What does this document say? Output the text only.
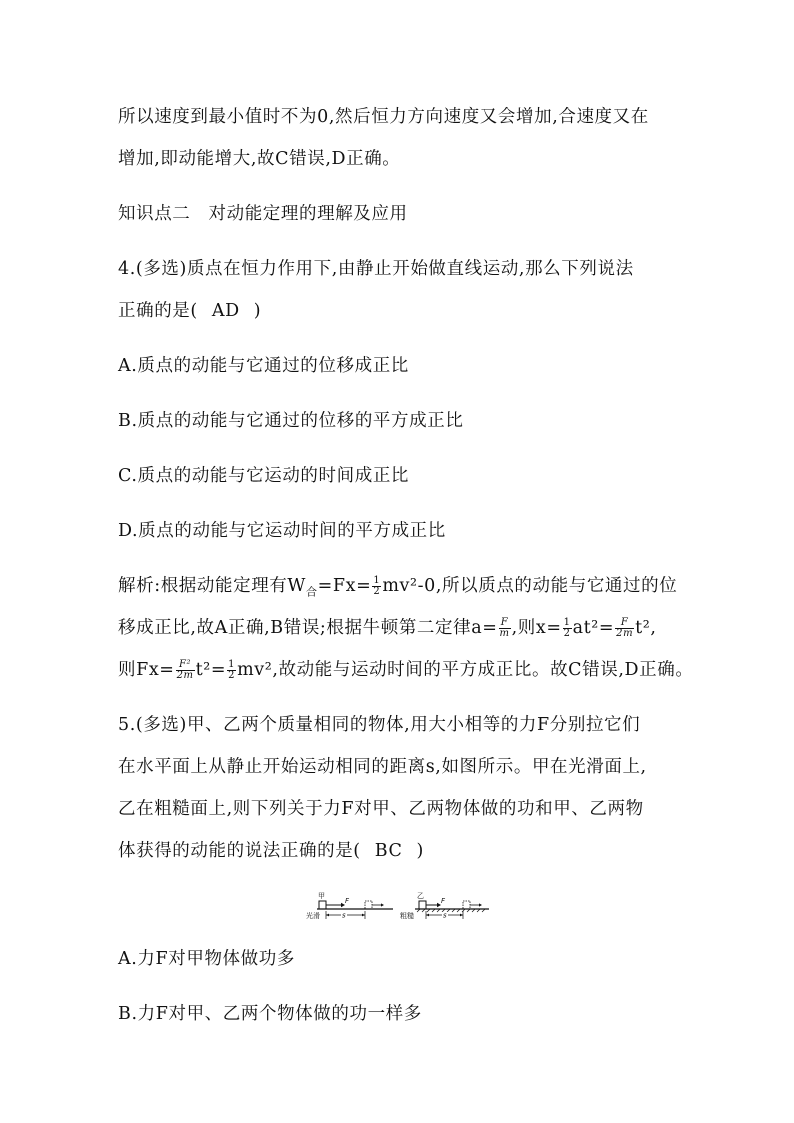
所以速度到最小值时不为0,然后恒力方向速度又会增加,合速度又在
增加,即动能增大,故C错误,D正确。
知识点二　对动能定理的理解及应用
4.(多选)质点在恒力作用下,由静止开始做直线运动,那么下列说法
正确的是( AD )
A.质点的动能与它通过的位移成正比
B.质点的动能与它通过的位移的平方成正比
C.质点的动能与它运动的时间成正比
D.质点的动能与它运动时间的平方成正比
解析:根据动能定理有$W_合=Fx= \frac{1}{2} mv^2-0$,所以质点的动能与它通过的位
移成正比,故A正确,B错误;根据牛顿第二定律$a= \frac{F}{m}$ ,则$x= \frac{1}{2} at^2= \frac{F}{2m} t^2$,
则$Fx= \frac{\text{F²}}{2m} t^2= \frac{1}{2} mv^2$,故动能与运动时间的平方成正比。故C错误,D正确。
5.(多选)甲、乙两个质量相同的物体,用大小相等的力F分别拉它们
在水平面上从静止开始运动相同的距离s,如图所示。甲在光滑面上,
乙在粗糙面上,则下列关于力F对甲、乙两物体做的功和甲、乙两物
体获得的动能的说法正确的是( BC )
甲
F
s
光滑
乙
F
s
粗糙
A.力F对甲物体做功多
B.力F对甲、乙两个物体做的功一样多
